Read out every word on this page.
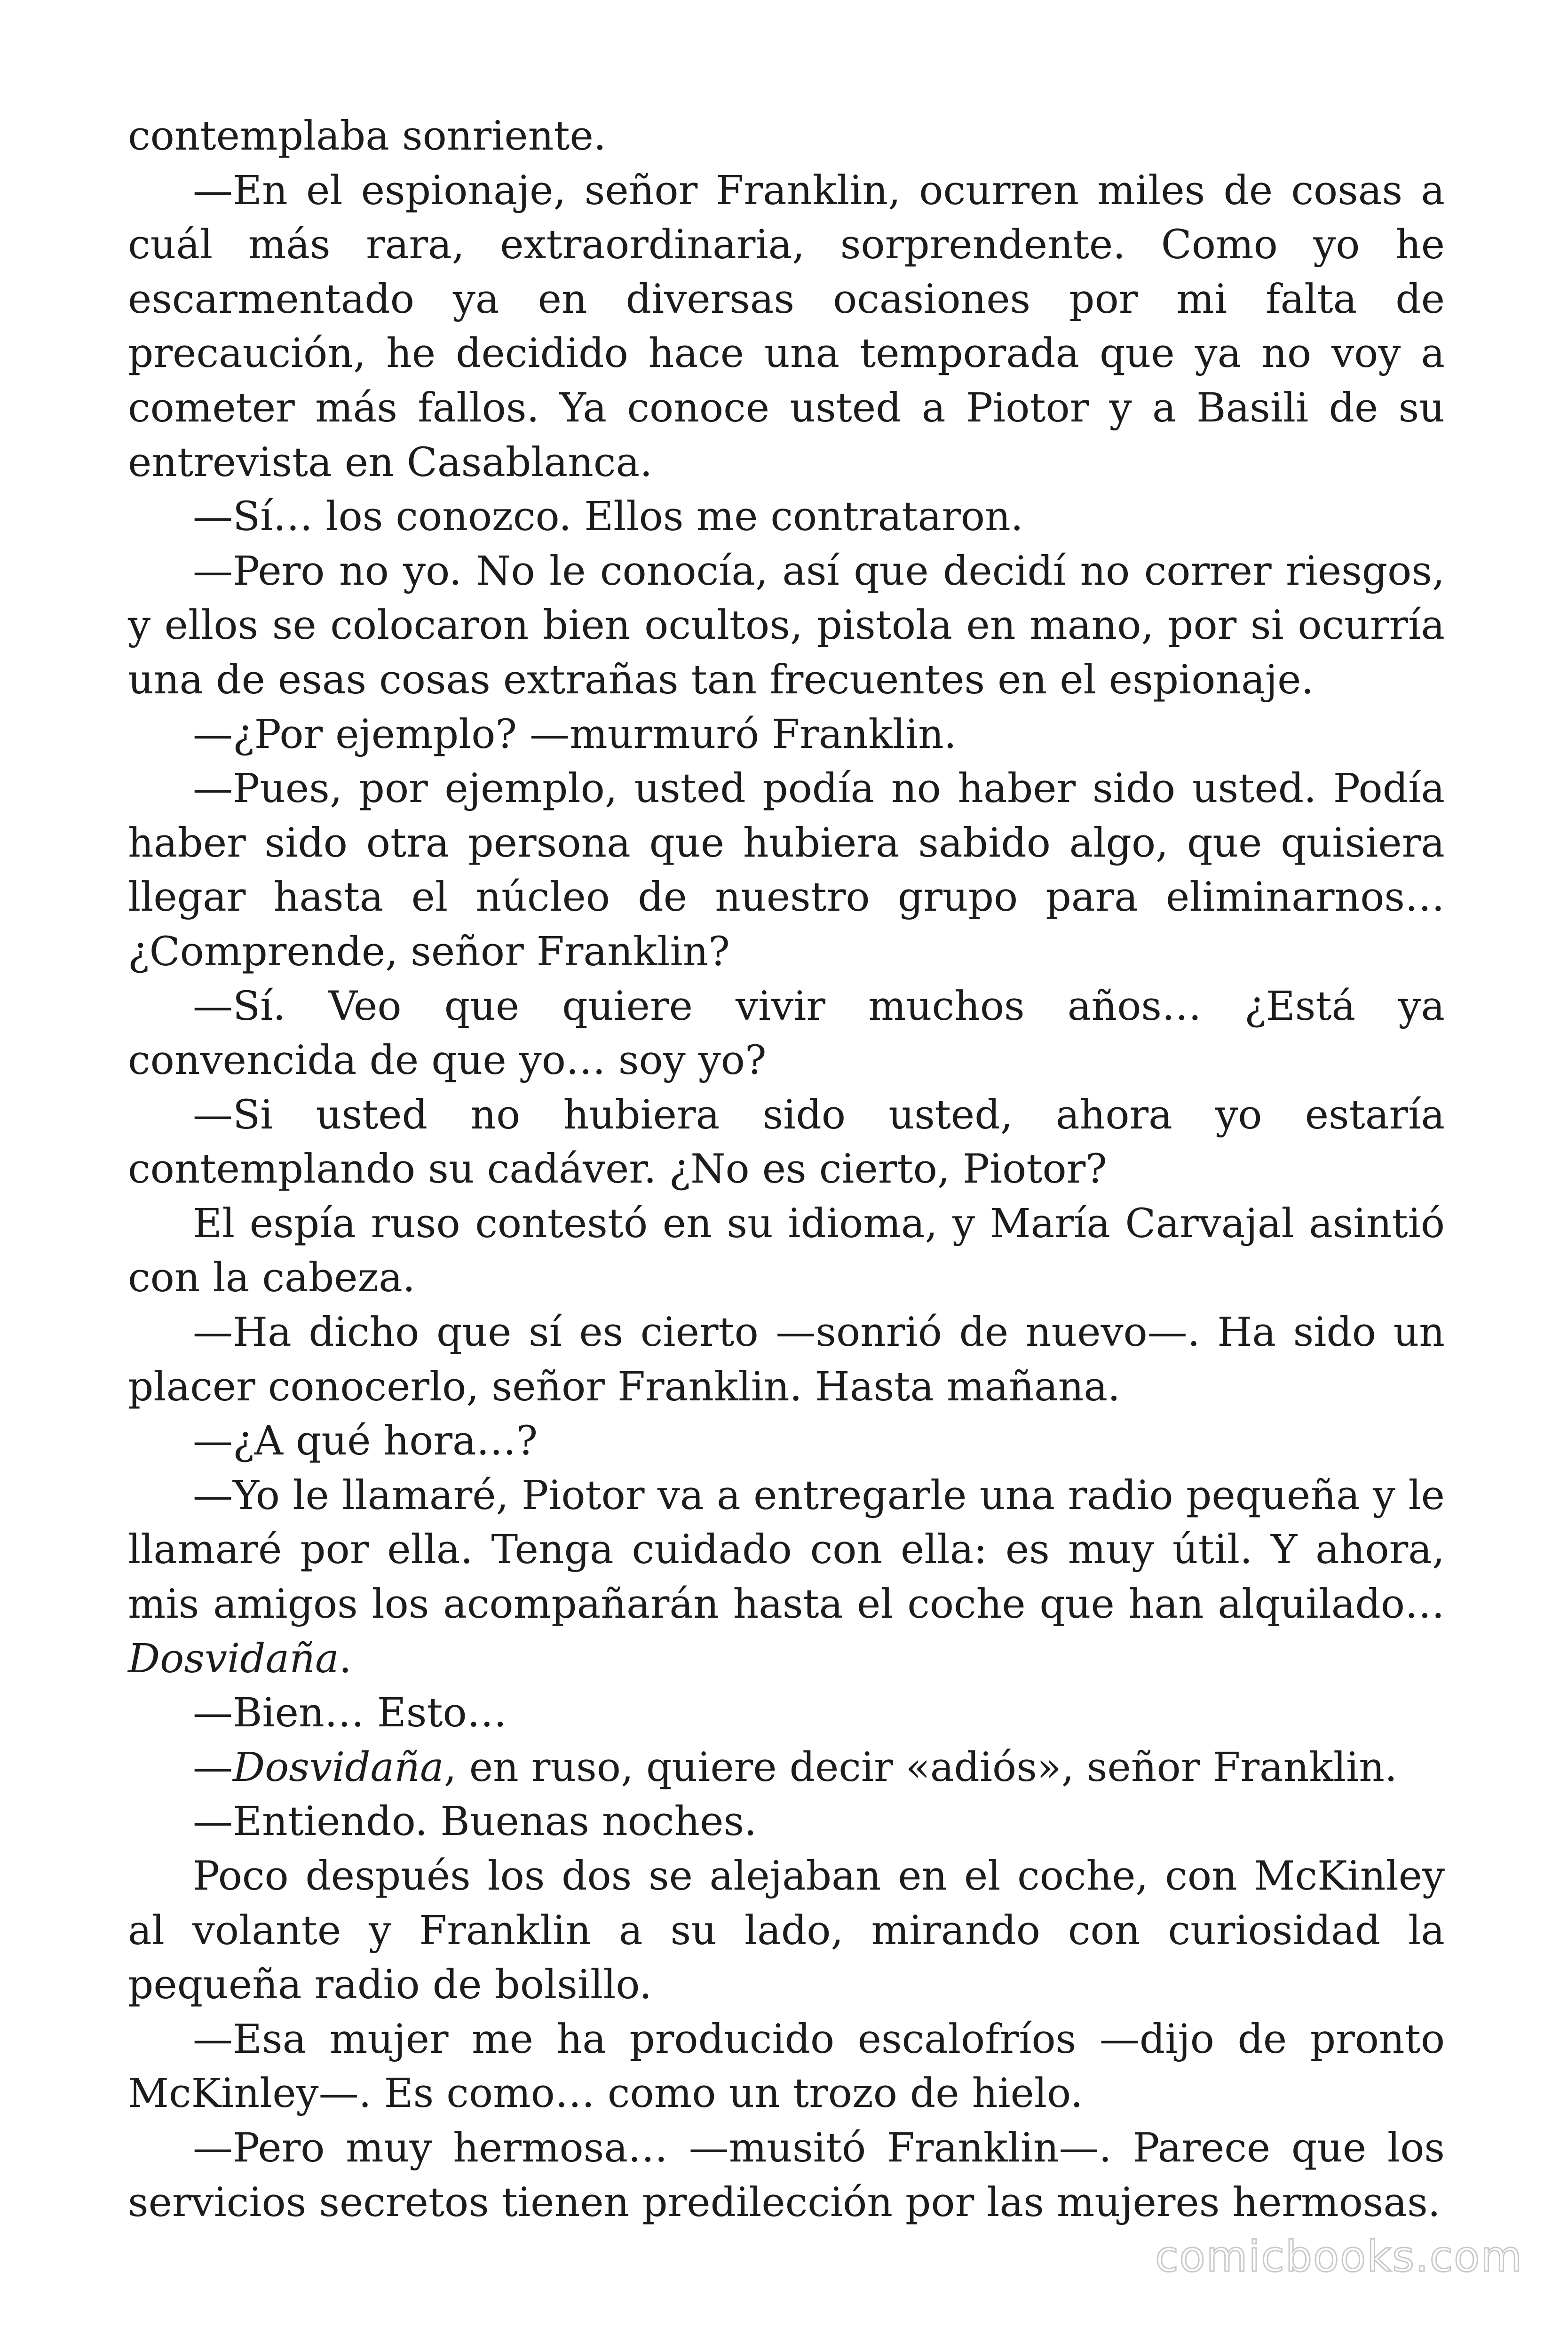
contemplaba sonriente.

—En el espionaje, señor Franklin, ocurren miles de cosas a cuál más rara, extraordinaria, sorprendente. Como yo he escarmentado ya en diversas ocasiones por mi falta de precaución, he decidido hace una temporada que ya no voy a cometer más fallos. Ya conoce usted a Piotor y a Basili de su entrevista en Casablanca.

—Sí… los conozco. Ellos me contrataron.

—Pero no yo. No le conocía, así que decidí no correr riesgos, y ellos se colocaron bien ocultos, pistola en mano, por si ocurría una de esas cosas extrañas tan frecuentes en el espionaje.

—¿Por ejemplo? —murmuró Franklin.

—Pues, por ejemplo, usted podía no haber sido usted. Podía haber sido otra persona que hubiera sabido algo, que quisiera llegar hasta el núcleo de nuestro grupo para eliminarnos… ¿Comprende, señor Franklin?

—Sí. Veo que quiere vivir muchos años… ¿Está ya convencida de que yo… soy yo?

—Si usted no hubiera sido usted, ahora yo estaría contemplando su cadáver. ¿No es cierto, Piotor?

El espía ruso contestó en su idioma, y María Carvajal asintió con la cabeza.

—Ha dicho que sí es cierto —sonrió de nuevo—. Ha sido un placer conocerlo, señor Franklin. Hasta mañana.

—¿A qué hora…?

—Yo le llamaré, Piotor va a entregarle una radio pequeña y le llamaré por ella. Tenga cuidado con ella: es muy útil. Y ahora, mis amigos los acompañarán hasta el coche que han alquilado… Dosvidaña.

—Bien… Esto…

—Dosvidaña, en ruso, quiere decir «adiós», señor Franklin.

—Entiendo. Buenas noches.

Poco después los dos se alejaban en el coche, con McKinley al volante y Franklin a su lado, mirando con curiosidad la pequeña radio de bolsillo.

—Esa mujer me ha producido escalofríos —dijo de pronto McKinley—. Es como… como un trozo de hielo.

—Pero muy hermosa… —musitó Franklin—. Parece que los servicios secretos tienen predilección por las mujeres hermosas.

comicbooks.com
